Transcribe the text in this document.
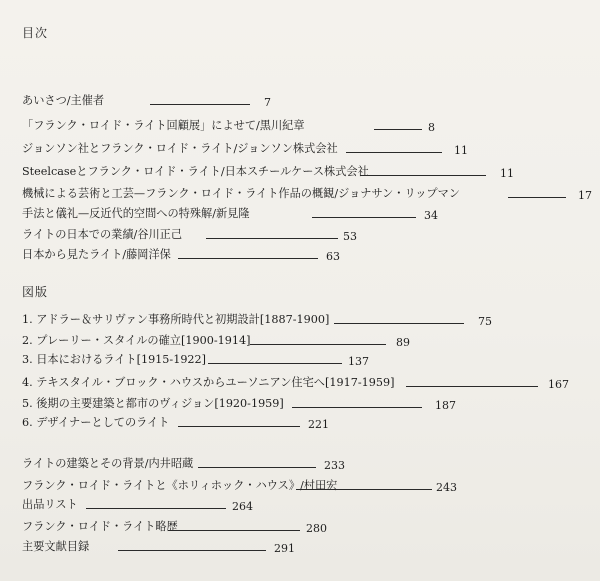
目次
あいさつ/主催者	7
「フランク・ロイド・ライト回顧展」によせて/黒川紀章	8
ジョンソン社とフランク・ロイド・ライト/ジョンソン株式会社	11
Steelcaseとフランク・ロイド・ライト/日本スチールケース株式会社	11
機械による芸術と工芸—フランク・ロイド・ライト作品の概観/ジョナサン・リップマン	17
手法と儀礼—反近代的空間への特殊解/新見隆	34
ライトの日本での業績/谷川正己	53
日本から見たライト/藤岡洋保	63
図版
1. アドラー＆サリヴァン事務所時代と初期設計[1887-1900]	75
2. プレーリー・スタイルの確立[1900-1914]	89
3. 日本におけるライト[1915-1922]	137
4. テキスタイル・ブロック・ハウスからユーソニアン住宅へ[1917-1959]	167
5. 後期の主要建築と都市のヴィジョン[1920-1959]	187
6. デザイナーとしてのライト	221
ライトの建築とその背景/内井昭蔵	233
フランク・ロイド・ライトと《ホリィホック・ハウス》/村田宏	243
出品リスト	264
フランク・ロイド・ライト略歴	280
主要文献目録	291
